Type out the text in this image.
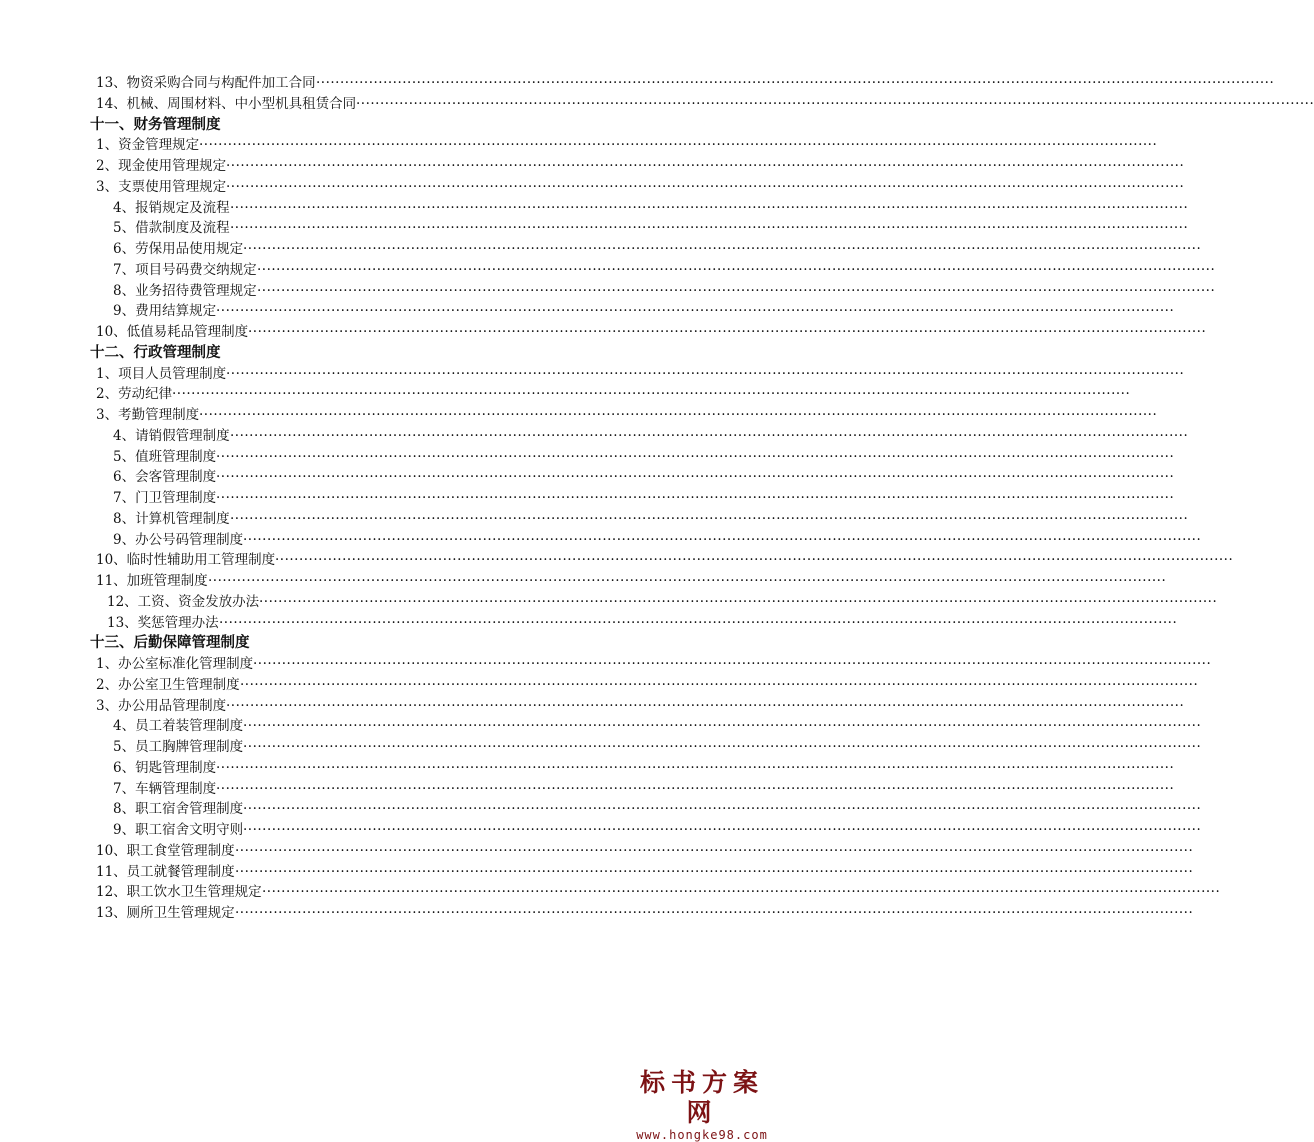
13、物资采购合同与构配件加工合同 ········································································································································································································
14、机械、周围材料、中小型机具租赁合同 ········································································································································································································
十一、财务管理制度
1、资金管理规定 ········································································································································································································
2、现金使用管理规定 ········································································································································································································
3、支票使用管理规定 ········································································································································································································
4、报销规定及流程 ········································································································································································································
5、借款制度及流程 ········································································································································································································
6、劳保用品使用规定 ········································································································································································································
7、项目号码费交纳规定 ········································································································································································································
8、业务招待费管理规定 ········································································································································································································
9、费用结算规定 ········································································································································································································
10、低值易耗品管理制度 ········································································································································································································
十二、行政管理制度
1、项目人员管理制度 ········································································································································································································
2、劳动纪律 ········································································································································································································
3、考勤管理制度 ········································································································································································································
4、请销假管理制度 ········································································································································································································
5、值班管理制度 ········································································································································································································
6、会客管理制度 ········································································································································································································
7、门卫管理制度 ········································································································································································································
8、计算机管理制度 ········································································································································································································
9、办公号码管理制度 ········································································································································································································
10、临时性辅助用工管理制度 ········································································································································································································
11、加班管理制度 ········································································································································································································
12、工资、资金发放办法 ········································································································································································································
13、奖惩管理办法 ········································································································································································································
十三、后勤保障管理制度
1、办公室标准化管理制度 ········································································································································································································
2、办公室卫生管理制度 ········································································································································································································
3、办公用品管理制度 ········································································································································································································
4、员工着装管理制度 ········································································································································································································
5、员工胸牌管理制度 ········································································································································································································
6、钥匙管理制度 ········································································································································································································
7、车辆管理制度 ········································································································································································································
8、职工宿舍管理制度 ········································································································································································································
9、职工宿舍文明守则 ········································································································································································································
10、职工食堂管理制度 ········································································································································································································
11、员工就餐管理制度 ········································································································································································································
12、职工饮水卫生管理规定 ········································································································································································································
13、厕所卫生管理规定 ········································································································································································································
标书方案网
www.hongke98.com
